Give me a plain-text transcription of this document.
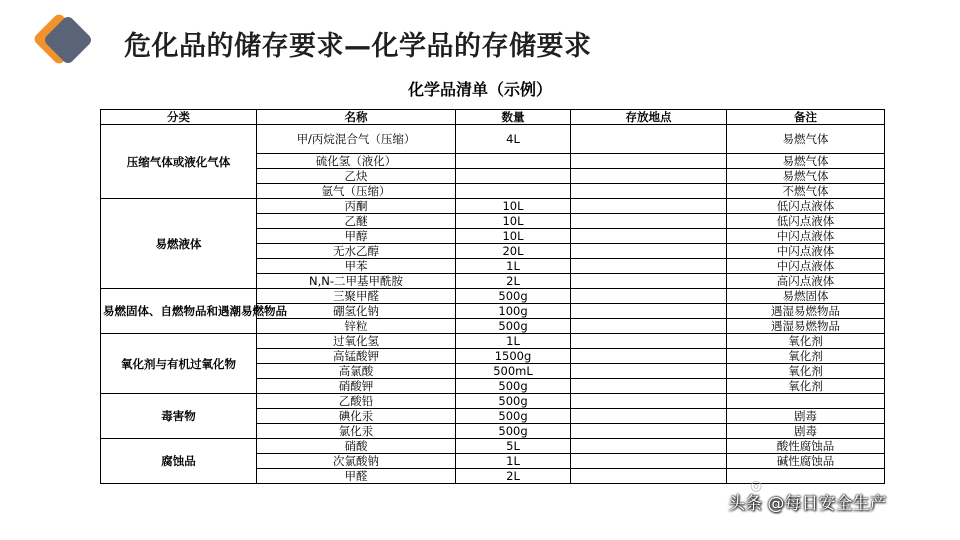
危化品的储存要求—化学品的存储要求
化学品清单（示例）
分类	名称	数量	存放地点	备注
压缩气体或液化气体	甲/丙烷混合气（压缩）	4L		易燃气体
	硫化氢（液化）			易燃气体
	乙炔			易燃气体
	氩气（压缩）			不燃气体
易燃液体	丙酮	10L		低闪点液体
	乙醚	10L		低闪点液体
	甲醇	10L		中闪点液体
	无水乙醇	20L		中闪点液体
	甲苯	1L		中闪点液体
	N,N-二甲基甲酰胺	2L		高闪点液体
易燃固体、自燃物品和遇潮易燃物品	三聚甲醛	500g		易燃固体
	硼氢化钠	100g		遇湿易燃物品
	锌粒	500g		遇湿易燃物品
氧化剂与有机过氧化物	过氧化氢	1L		氧化剂
	高锰酸钾	1500g		氧化剂
	高氯酸	500mL		氧化剂
	硝酸钾	500g		氧化剂
毒害物	乙酸铅	500g		
	碘化汞	500g		剧毒
	氯化汞	500g		剧毒
腐蚀品	硝酸	5L		酸性腐蚀品
	次氯酸钠	1L		碱性腐蚀品
	甲醛	2L		
◎
头条 @每日安全生产
